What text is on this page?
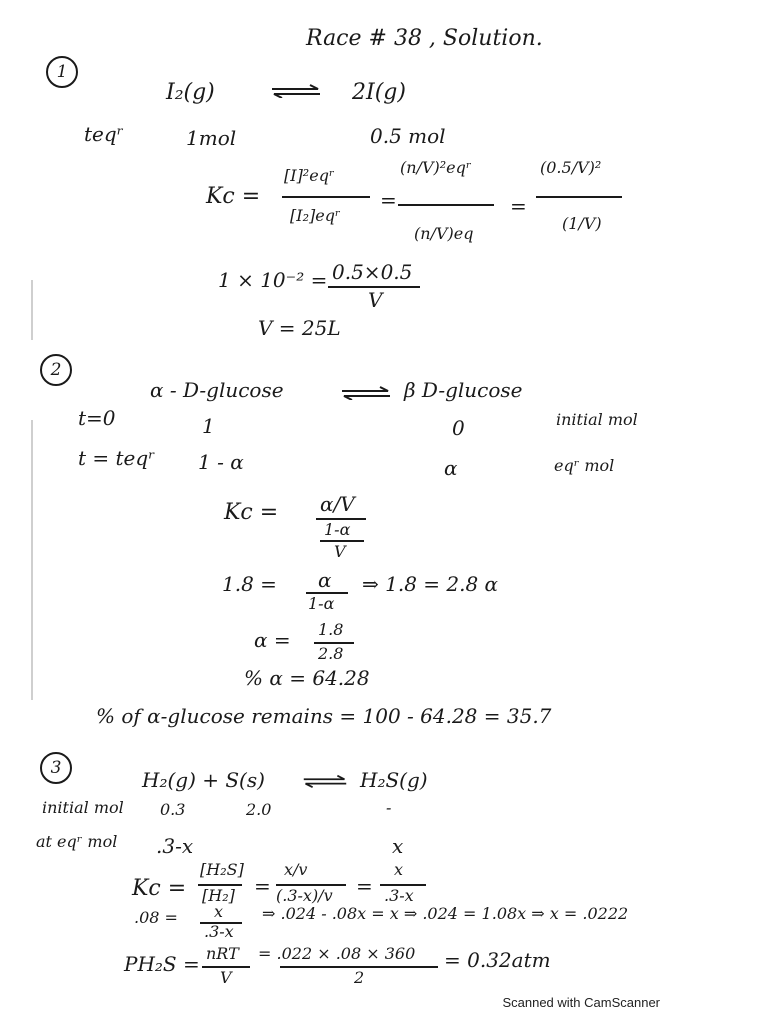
Race # 38 , Solution.
1
I₂(g)	2I(g)
teqʳ	1mol	0.5 mol
Kc =
[I]²eqʳ
[I₂]eqʳ
=
(n/V)²eqʳ
(n/V)eq
=
(0.5/V)²
(1/V)
1 × 10⁻² = 0.5×0.5
V
V = 25L
2
α - D-glucose	⇌ β D-glucose
t=0	1	0	initial mol
t = teqʳ 1 - α	α	eqʳ mol
Kc = α/V
1-α
V
1.8 = α
1-α
⇒ 1.8 = 2.8 α
α = 1.8
2.8
% α = 64.28
% of α-glucose remains = 100 - 64.28 = 35.7
3	H₂(g) + S(s) ⇌ H₂S(g)
initial mol 0.3	2.0	-
at eqʳ mol .3-x	x
Kc =
[H₂S]
[H₂] =
x/v
(.3-x)/v =
x
.3-x
.08 = x
.3-x
⇒ .024 - .08x = x ⇒ .024 = 1.08x ⇒ x = .0222
PH₂S = nRT
V
= .022 × .08 × 360
2
= 0.32atm
Scanned with CamScanner
